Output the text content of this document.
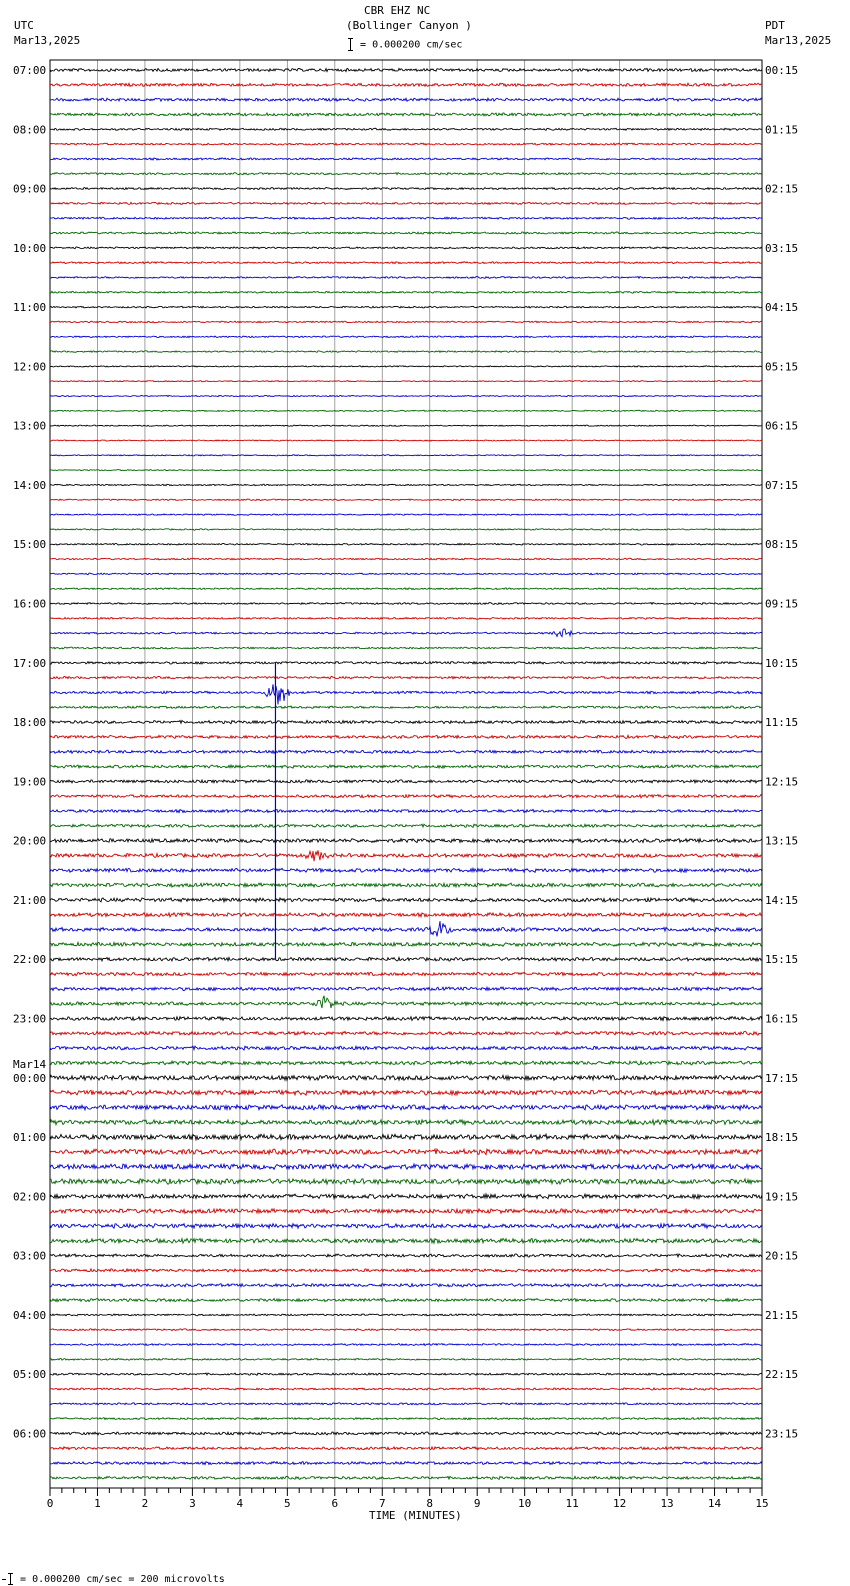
CBR EHZ NC
(Bollinger Canyon )
UTC
Mar13,2025
PDT
Mar13,2025
= 0.000200 cm/sec
0	1	2	3	4	5	6	7	8	9	10	11	12	13	14	15
07:00	00:15
08:00	01:15
09:00	02:15
10:00	03:15
11:00	04:15
12:00	05:15
13:00	06:15
14:00	07:15
15:00	08:15
16:00	09:15
17:00	10:15
18:00	11:15
19:00	12:15
20:00	13:15
21:00	14:15
22:00	15:15
23:00	16:15
00:00	17:15
Mar14
01:00	18:15
02:00	19:15
03:00	20:15
04:00	21:15
05:00	22:15
06:00	23:15
TIME (MINUTES)
= 0.000200 cm/sec = 200 microvolts
